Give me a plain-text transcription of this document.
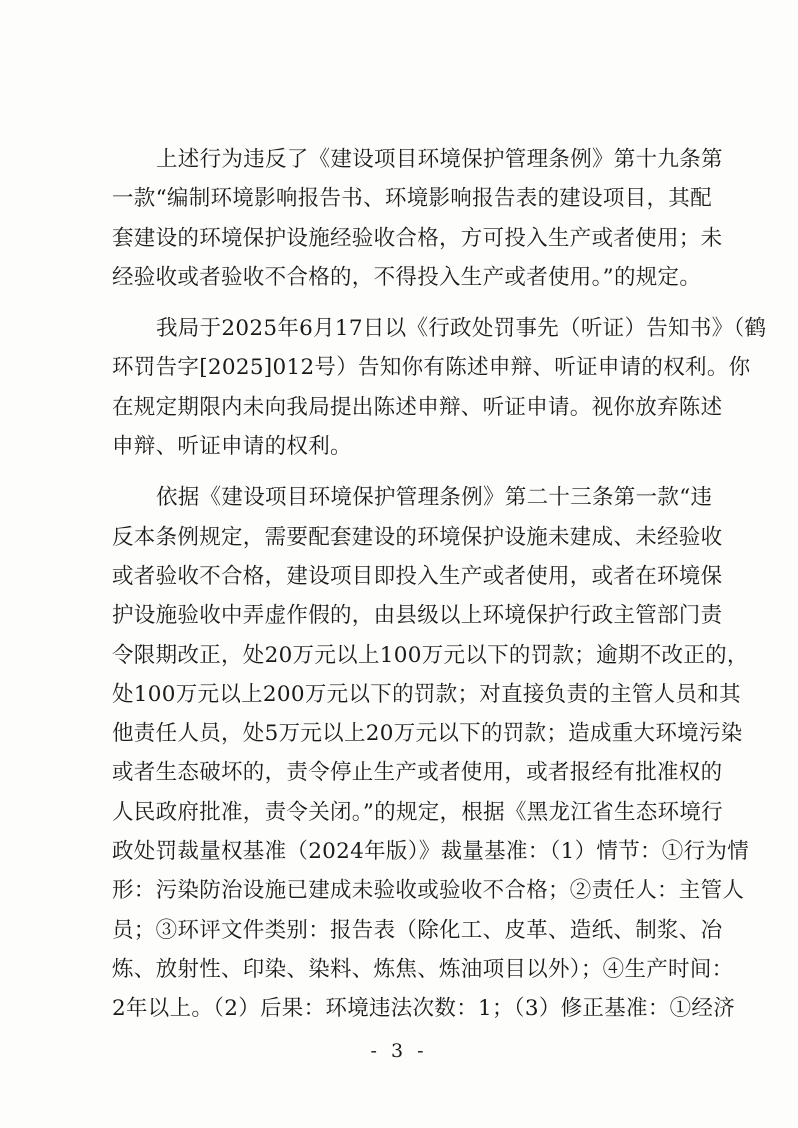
上述行为违反了《建设项目环境保护管理条例》第十九条第
一款“编制环境影响报告书、环境影响报告表的建设项目，其配
套建设的环境保护设施经验收合格，方可投入生产或者使用；未
经验收或者验收不合格的，不得投入生产或者使用。”的规定。

我局于2025年6月17日以《行政处罚事先（听证）告知书》（鹤
环罚告字[2025]012号）告知你有陈述申辩、听证申请的权利。你
在规定期限内未向我局提出陈述申辩、听证申请。视你放弃陈述
申辩、听证申请的权利。

依据《建设项目环境保护管理条例》第二十三条第一款“违
反本条例规定，需要配套建设的环境保护设施未建成、未经验收
或者验收不合格，建设项目即投入生产或者使用，或者在环境保
护设施验收中弄虚作假的，由县级以上环境保护行政主管部门责
令限期改正，处20万元以上100万元以下的罚款；逾期不改正的，
处100万元以上200万元以下的罚款；对直接负责的主管人员和其
他责任人员，处5万元以上20万元以下的罚款；造成重大环境污染
或者生态破坏的，责令停止生产或者使用，或者报经有批准权的
人民政府批准，责令关闭。”的规定，根据《黑龙江省生态环境行
政处罚裁量权基准（2024年版）》裁量基准：（1）情节：①行为情
形：污染防治设施已建成未验收或验收不合格；②责任人：主管人
员；③环评文件类别：报告表（除化工、皮革、造纸、制浆、冶
炼、放射性、印染、染料、炼焦、炼油项目以外）；④生产时间：
2年以上。（2）后果：环境违法次数：1；（3）修正基准：①经济

- 3 -
